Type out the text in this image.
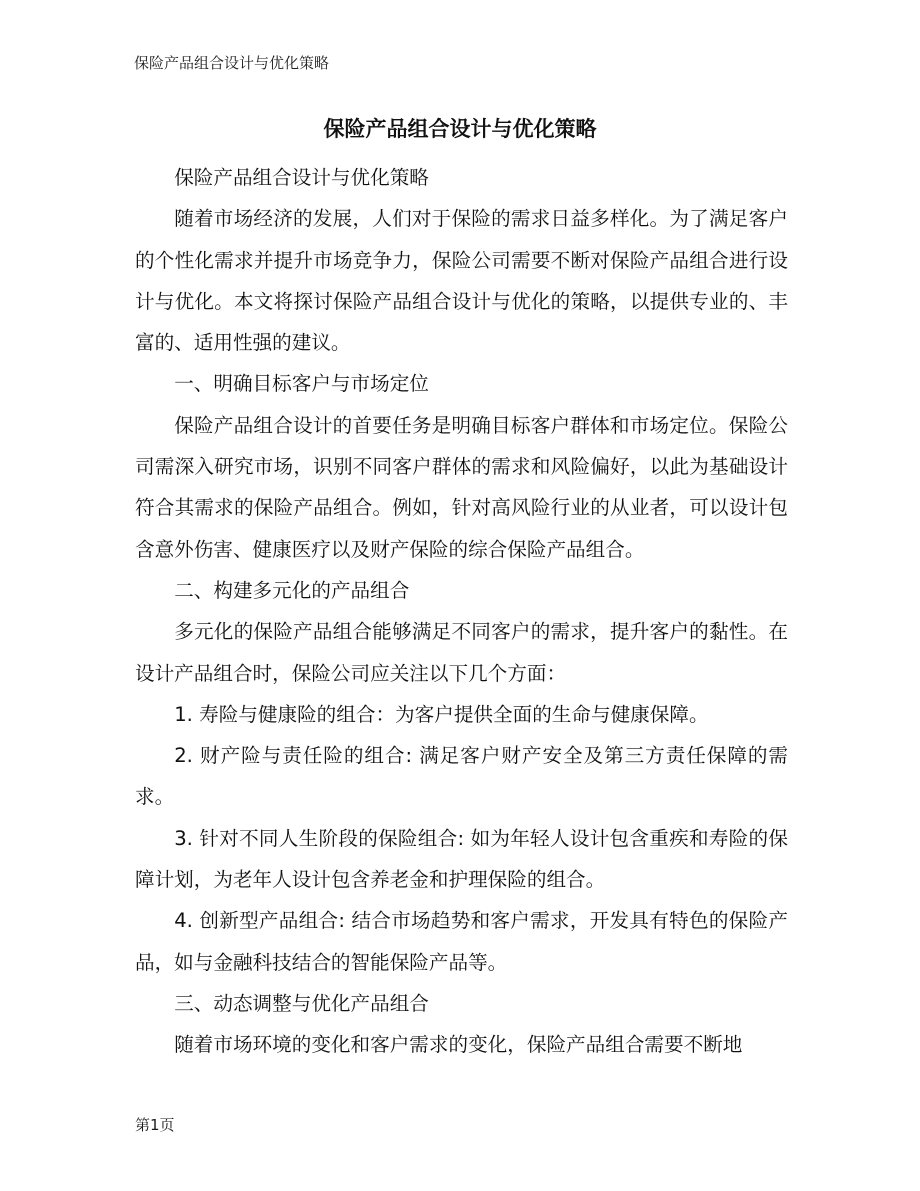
保险产品组合设计与优化策略
保险产品组合设计与优化策略

保险产品组合设计与优化策略

随着市场经济的发展，人们对于保险的需求日益多样化。为了满足客户的个性化需求并提升市场竞争力，保险公司需要不断对保险产品组合进行设计与优化。本文将探讨保险产品组合设计与优化的策略，以提供专业的、丰富的、适用性强的建议。

一、明确目标客户与市场定位

保险产品组合设计的首要任务是明确目标客户群体和市场定位。保险公司需深入研究市场，识别不同客户群体的需求和风险偏好，以此为基础设计符合其需求的保险产品组合。例如，针对高风险行业的从业者，可以设计包含意外伤害、健康医疗以及财产保险的综合保险产品组合。

二、构建多元化的产品组合

多元化的保险产品组合能够满足不同客户的需求，提升客户的黏性。在设计产品组合时，保险公司应关注以下几个方面：

1. 寿险与健康险的组合：为客户提供全面的生命与健康保障。

2. 财产险与责任险的组合: 满足客户财产安全及第三方责任保障的需求。

3. 针对不同人生阶段的保险组合: 如为年轻人设计包含重疾和寿险的保障计划，为老年人设计包含养老金和护理保险的组合。

4. 创新型产品组合: 结合市场趋势和客户需求，开发具有特色的保险产品，如与金融科技结合的智能保险产品等。

三、动态调整与优化产品组合

随着市场环境的变化和客户需求的变化，保险产品组合需要不断地

第1页
